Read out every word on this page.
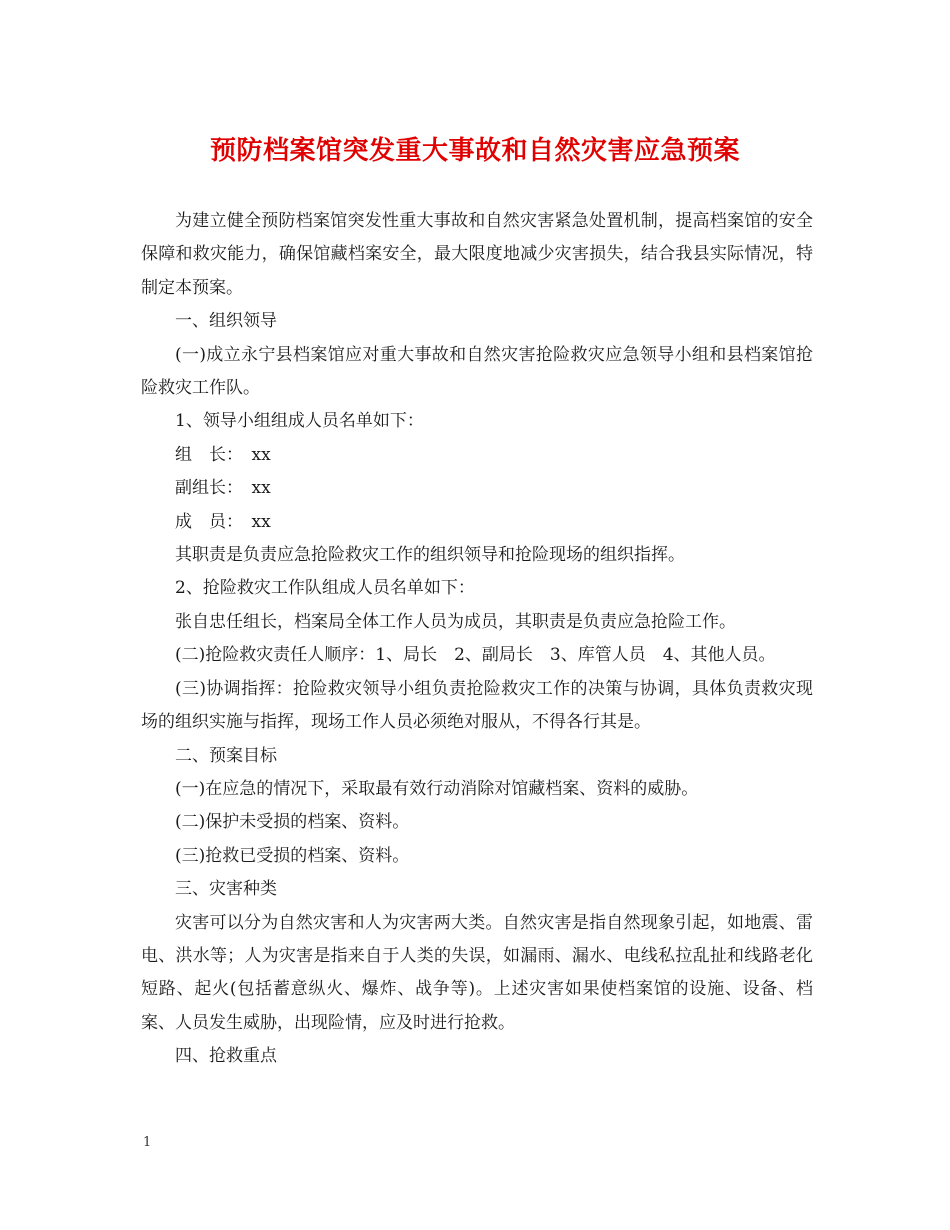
预防档案馆突发重大事故和自然灾害应急预案

为建立健全预防档案馆突发性重大事故和自然灾害紧急处置机制，提高档案馆的安全保障和救灾能力，确保馆藏档案安全，最大限度地减少灾害损失，结合我县实际情况，特制定本预案。

一、组织领导

(一)成立永宁县档案馆应对重大事故和自然灾害抢险救灾应急领导小组和县档案馆抢险救灾工作队。

1、领导小组组成人员名单如下：

组　长：　xx

副组长：　xx

成　员：　xx

其职责是负责应急抢险救灾工作的组织领导和抢险现场的组织指挥。

2、抢险救灾工作队组成人员名单如下：

张自忠任组长，档案局全体工作人员为成员，其职责是负责应急抢险工作。

(二)抢险救灾责任人顺序：1、局长　2、副局长　3、库管人员　4、其他人员。

(三)协调指挥：抢险救灾领导小组负责抢险救灾工作的决策与协调，具体负责救灾现场的组织实施与指挥，现场工作人员必须绝对服从，不得各行其是。

二、预案目标

(一)在应急的情况下，采取最有效行动消除对馆藏档案、资料的威胁。

(二)保护未受损的档案、资料。

(三)抢救已受损的档案、资料。

三、灾害种类

灾害可以分为自然灾害和人为灾害两大类。自然灾害是指自然现象引起，如地震、雷电、洪水等；人为灾害是指来自于人类的失误，如漏雨、漏水、电线私拉乱扯和线路老化短路、起火(包括蓄意纵火、爆炸、战争等)。上述灾害如果使档案馆的设施、设备、档案、人员发生威胁，出现险情，应及时进行抢救。

四、抢救重点

1
